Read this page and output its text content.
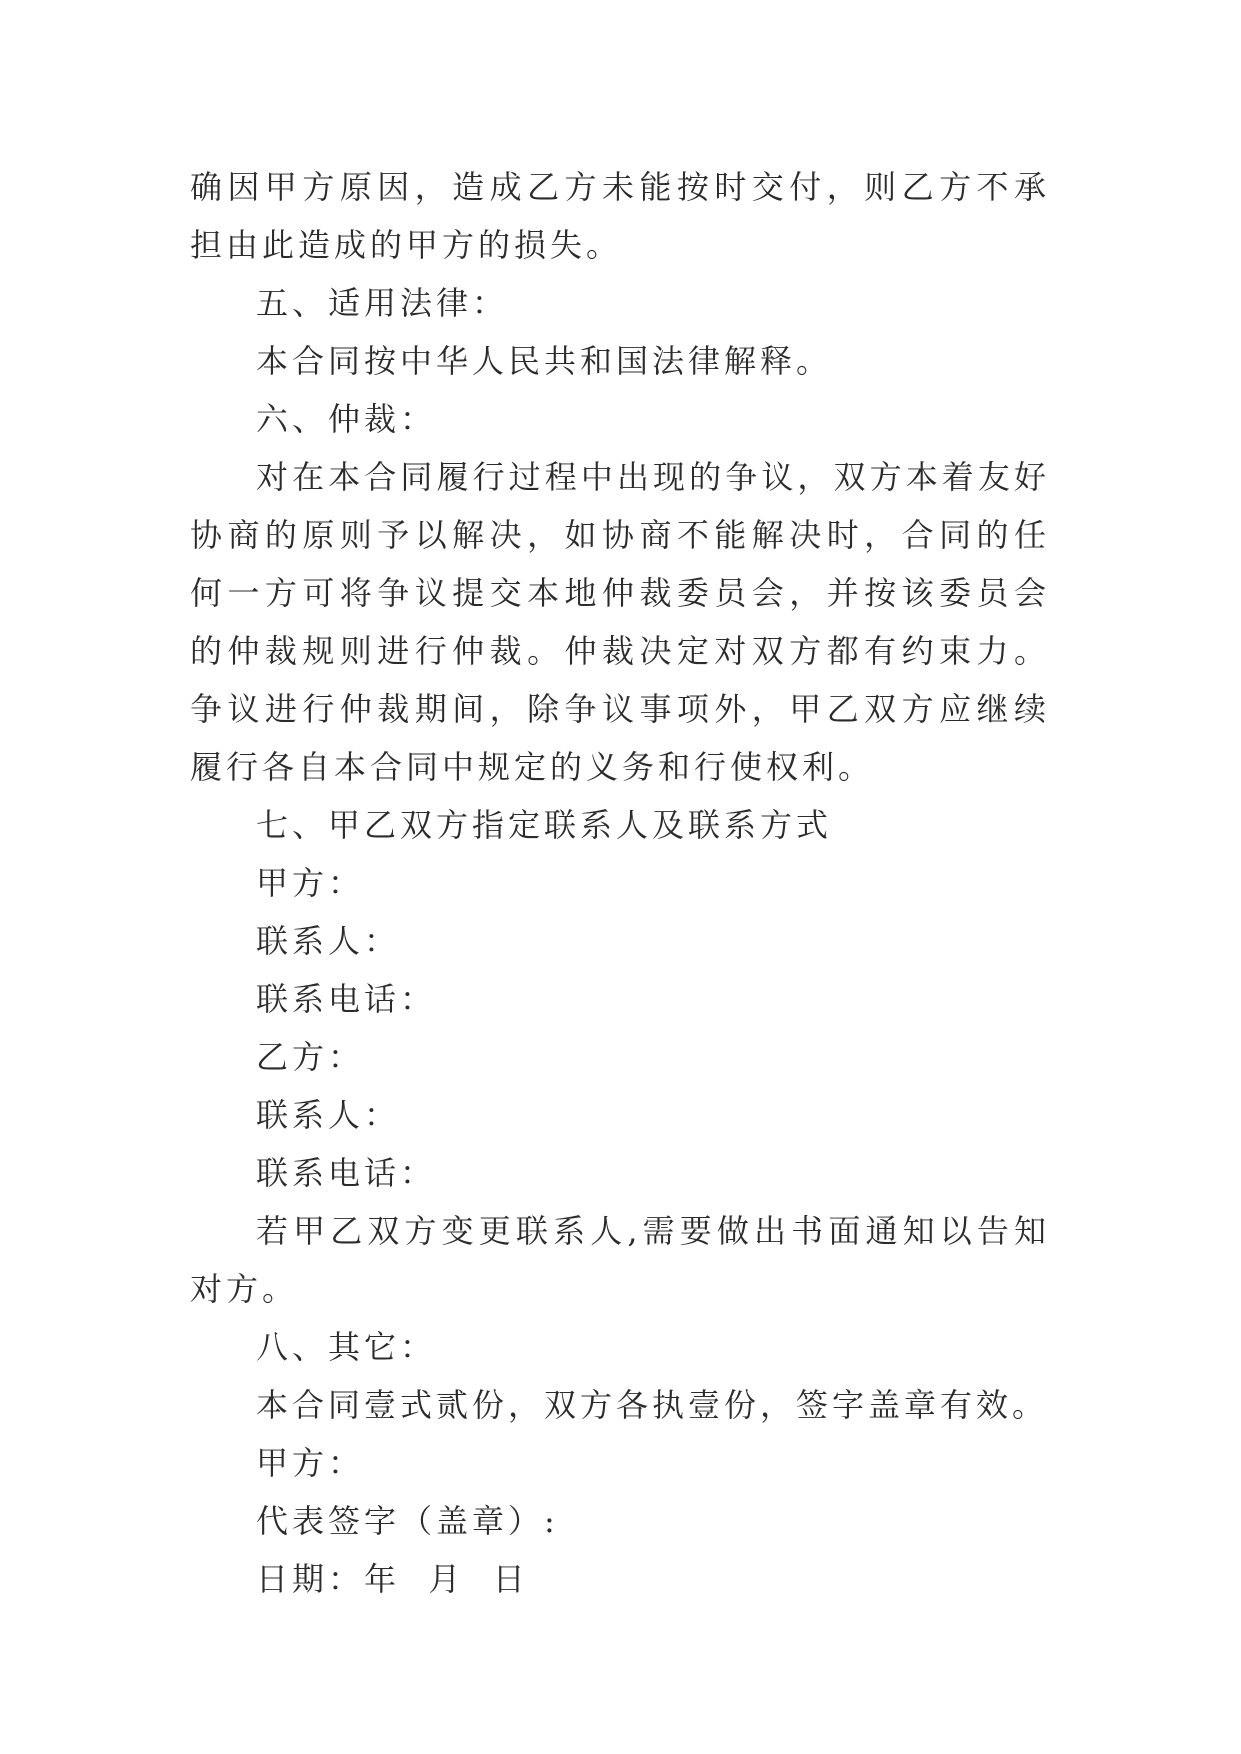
确因甲方原因，造成乙方未能按时交付，则乙方不承担由此造成的甲方的损失。

五、适用法律：

本合同按中华人民共和国法律解释。

六、仲裁：

对在本合同履行过程中出现的争议，双方本着友好协商的原则予以解决，如协商不能解决时，合同的任何一方可将争议提交本地仲裁委员会，并按该委员会的仲裁规则进行仲裁。仲裁决定对双方都有约束力。争议进行仲裁期间，除争议事项外，甲乙双方应继续履行各自本合同中规定的义务和行使权利。

七、甲乙双方指定联系人及联系方式

甲方：

联系人：

联系电话：

乙方：

联系人：

联系电话：

若甲乙双方变更联系人,需要做出书面通知以告知对方。

八、其它：

本合同壹式贰份，双方各执壹份，签字盖章有效。

甲方：

代表签字（盖章）:

日期：年  月  日
